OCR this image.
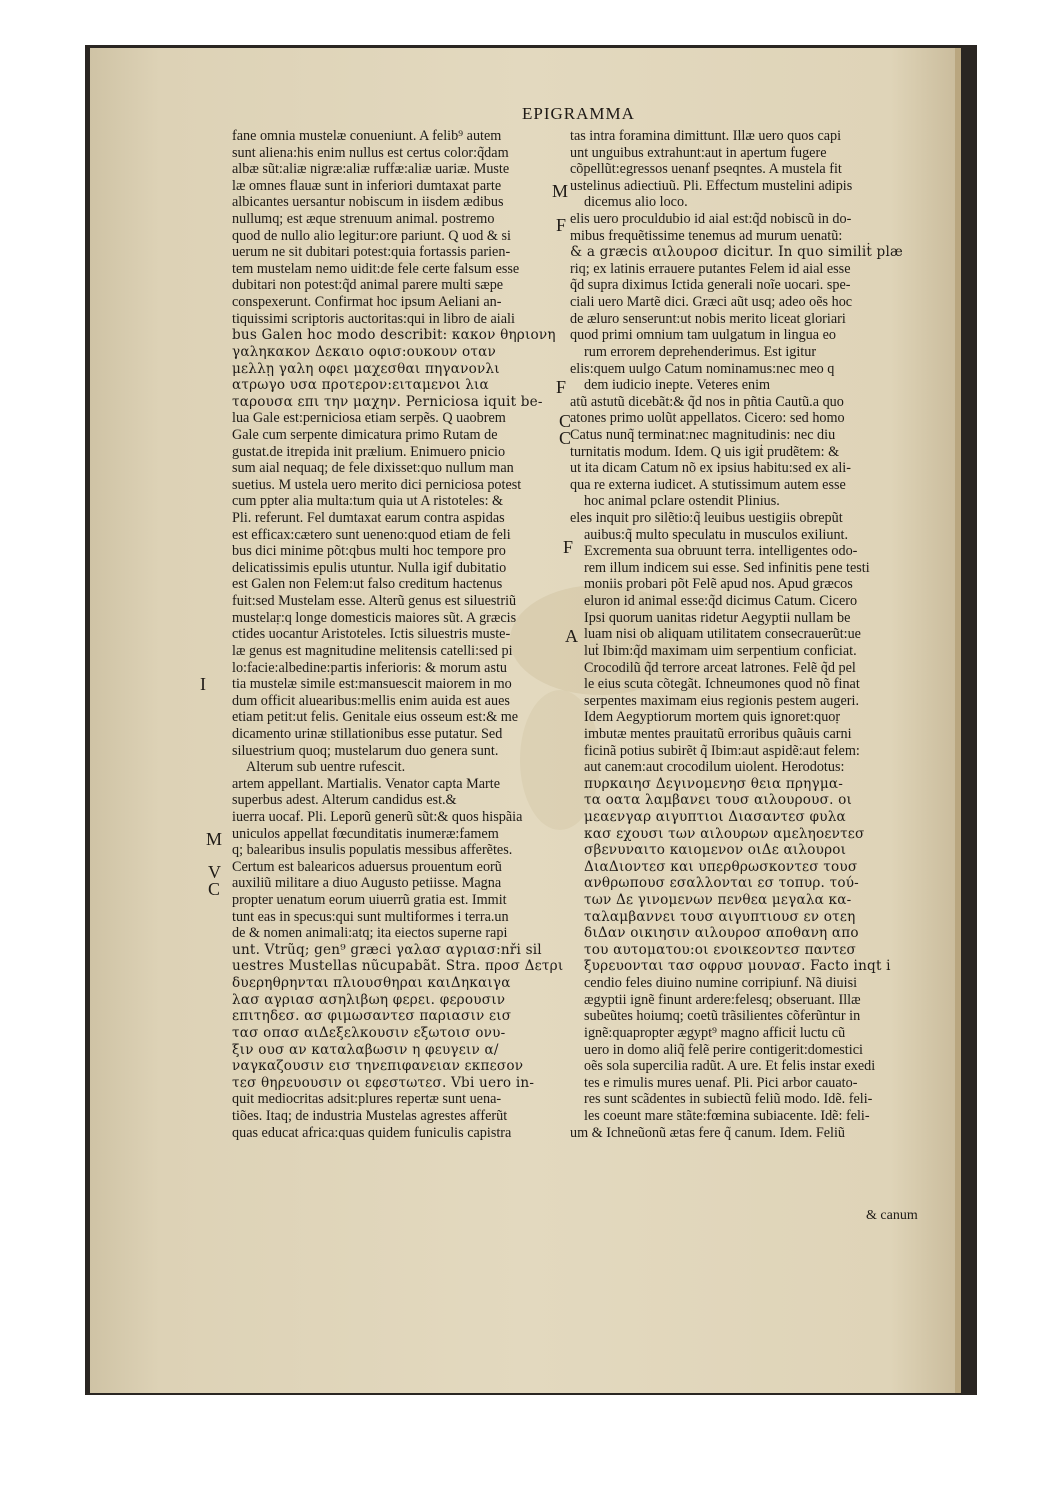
EPIGRAMMA
fane omnia mustelæ conueniunt. A felib⁹ autem
sunt aliena:his enim nullus est certus color:q̃dam
albæ sũt:aliæ nigræ:aliæ ruffæ:aliæ uariæ. Muste
læ omnes flauæ sunt in inferiori dumtaxat parte
albicantes uersantur nobiscum in iisdem ædibus
nullumq; est æque strenuum animal. postremo
quod de nullo alio legitur:ore pariunt. Q uod & si
uerum ne sit dubitari potest:quia fortassis parien-
tem mustelam nemo uidit:de fele certe falsum esse
dubitari non potest:q̃d animal parere multi sæpe
conspexerunt. Confirmat hoc ipsum Aeliani an-
tiquissimi scriptoris auctoritas:qui in libro de aiali
bus Galen hoc modo describit: κακον θηριονη
γαληκακον Δεκαιο οφισ:ουκουν οταν
μελλῃ γαλη οφει μαχεσθαι πηγανονλι
ατρωγο υσα προτερον:ειταμενοι λια
ταρουσα επι την μαχην. Perniciosa iquit be-
lua Gale est:perniciosa etiam serpẽs. Q uaobrem
Gale cum serpente dimicatura primo Rutam de
gustat.de itrepida init prælium. Enimuero pnicio
sum aial nequaq; de fele dixisset:quo nullum man
suetius. M ustela uero merito dici perniciosa potest
cum ppter alia multa:tum quia ut A ristoteles: &
Pli. referunt. Fel dumtaxat earum contra aspidas
est efficax:cætero sunt ueneno:quod etiam de feli
bus dici minime põt:qbus multi hoc tempore pro
delicatissimis epulis utuntur. Nulla igif dubitatio
est Galen non Felem:ut falso creditum hactenus
fuit:sed Mustelam esse. Alterũ genus est siluestriũ
mustelaṛ:q longe domesticis maiores sũt. A græcis
ctides uocantur Aristoteles. Ictis siluestris muste-
læ genus est magnitudine melitensis catelli:sed pi
lo:facie:albedine:partis inferioris: & morum astu
tia mustelæ simile est:mansuescit maiorem in mo
dum officit aluearibus:mellis enim auida est aues
etiam petit:ut felis. Genitale eius osseum est:& me
dicamento urinæ stillationibus esse putatur. Sed
siluestrium quoq; mustelarum duo genera sunt.
Alterum sub uentre rufescit.
artem appellant. Martialis. Venator capta Marte
superbus adest. Alterum candidus est.&
iuerra uocaf. Pli. Leporũ generũ sũt:& quos hispãia
uniculos appellat fœcunditatis inumeræ:famem
q; balearibus insulis populatis messibus afferẽtes.
Certum est balearicos aduersus prouentum eorũ
auxiliũ militare a diuo Augusto petiisse. Magna
propter uenatum eorum uiuerrũ gratia est. Immit
tunt eas in specus:qui sunt multiformes i terra.un
de & nomen animali:atq; ita eiectos superne rapi
unt. Vtrũq; gen⁹ græci γαλασ αγριασ:nři sil
uestres Mustellas nũcupabãt. Stra. προσ Δετρι
δυερηθρηνται πλιουσθηραι καιΔηκαιγα
λασ αγριασ ασηλιβωη φερει. φερουσιν
επιτηδεσ. ασ φιμωσαντεσ παριασιν εισ
τασ οπασ αιΔεξελκουσιν εξωτοισ ονυ-
ξιν ουσ αν καταλαβωσιν η φευγειν α/
ναγκαζουσιν εισ τηνεπιφανειαν εκπεσον
τεσ θηρευουσιν οι εφεστωτεσ. Vbi uero in-
quit mediocritas adsit:plures repertæ sunt uena-
tiões. Itaq; de industria Mustelas agrestes afferũt
quas educat africa:quas quidem funiculis capistra
tas intra foramina dimittunt. Illæ uero quos capi
unt unguibus extrahunt:aut in apertum fugere
cõpellũt:egressos uenanf pseqntes. A mustela fit
ustelinus adiectiuũ. Pli. Effectum mustelini adipis
dicemus alio loco.
elis uero proculdubio id aial est:q̃d nobiscũ in do-
mibus frequẽtissime tenemus ad murum uenatũ:
& a græcis αιλουροσ dicitur. In quo similiṫ plæ
riq; ex latinis errauere putantes Felem id aial esse
q̃d supra diximus Ictida generali noĩe uocari. spe-
ciali uero Martẽ dici. Græci aũt usq; adeo oẽs hoc
de æluro senserunt:ut nobis merito liceat gloriari
quod primi omnium tam uulgatum in lingua eo
rum errorem deprehenderimus. Est igitur
elis:quem uulgo Catum nominamus:nec meo q
dem iudicio inepte. Veteres enim
atũ astutũ dicebãt:& q̃d nos in pñtia Cautũ.a quo
atones primo uolũt appellatos. Cicero: sed homo
Catus nunq̃ terminat:nec magnitudinis: nec diu
turnitatis modum. Idem. Q uis igiṫ prudẽtem: &
ut ita dicam Catum nõ ex ipsius habitu:sed ex ali-
qua re externa iudicet. A stutissimum autem esse
hoc animal pclare ostendit Plinius.
eles inquit pro silẽtio:q̃ leuibus uestigiis obrepũt
auibus:q̃ multo speculatu in musculos exiliunt.
Excrementa sua obruunt terra. intelligentes odo-
rem illum indicem sui esse. Sed infinitis pene testi
moniis probari põt Felẽ apud nos. Apud græcos
eluron id animal esse:q̃d dicimus Catum. Cicero
Ipsi quorum uanitas ridetur Aegyptii nullam be
luam nisi ob aliquam utilitatem consecrauerũt:ue
luṫ Ibim:q̃d maximam uim serpentium conficiat.
Crocodilũ q̃d terrore arceat latrones. Felẽ q̃d pel
le eius scuta cõtegãt. Ichneumones quod nõ finat
serpentes maximam eius regionis pestem augeri.
Idem Aegyptiorum mortem quis ignoret:quoṛ
imbutæ mentes prauitatũ erroribus quãuis carni
ficinã potius subirẽt q̃ Ibim:aut aspidẽ:aut felem:
aut canem:aut crocodilum uiolent. Herodotus:
πυρκαιησ Δεγινομενησ θεια πρηγμα-
τα οατα λαμβανει τουσ αιλουρουσ. οι
μεαενγαρ αιγυπτιοι Διασαντεσ φυλα
κασ εχουσι των αιλουρων αμεληοεντεσ
σβενυναιτο καιομενον οιΔε αιλουροι
ΔιαΔιοντεσ και υπερθρωσκοντεσ τουσ
ανθρωπουσ εσαλλονται εσ τοπυρ. τού-
των Δε γινομενων πενθεα μεγαλα κα-
ταλαμβαννει τουσ αιγυπτιουσ εν οτεη
διΔαν οικιησιν αιλουροσ αποθανη απο
του αυτοματου:οι ενοικεοντεσ παντεσ
ξυρευονται τασ οφρυσ μουνασ. Facto inqt i
cendio feles diuino numine corripiunf. Nã diuisi
ægyptii ignẽ finunt ardere:felesq; obseruant. Illæ
subeũtes hoiumq; coetũ trãsilientes cõferũntur in
ignẽ:quapropter ægypt⁹ magno afficiṫ luctu cũ
uero in domo aliq̃ felẽ perire contigerit:domestici
oẽs sola supercilia radũt. A ure. Et felis instar exedi
tes e rimulis mures uenaf. Pli. Pici arbor cauato-
res sunt scãdentes in subiectũ feliũ modo. Idẽ. feli-
les coeunt mare stãte:fœmina subiacente. Idẽ: feli-
um & Ichneũonũ ætas fere q̃ canum. Idem. Feliũ
M
F
F
C
C
F
A
I
M
V
C
& canum
